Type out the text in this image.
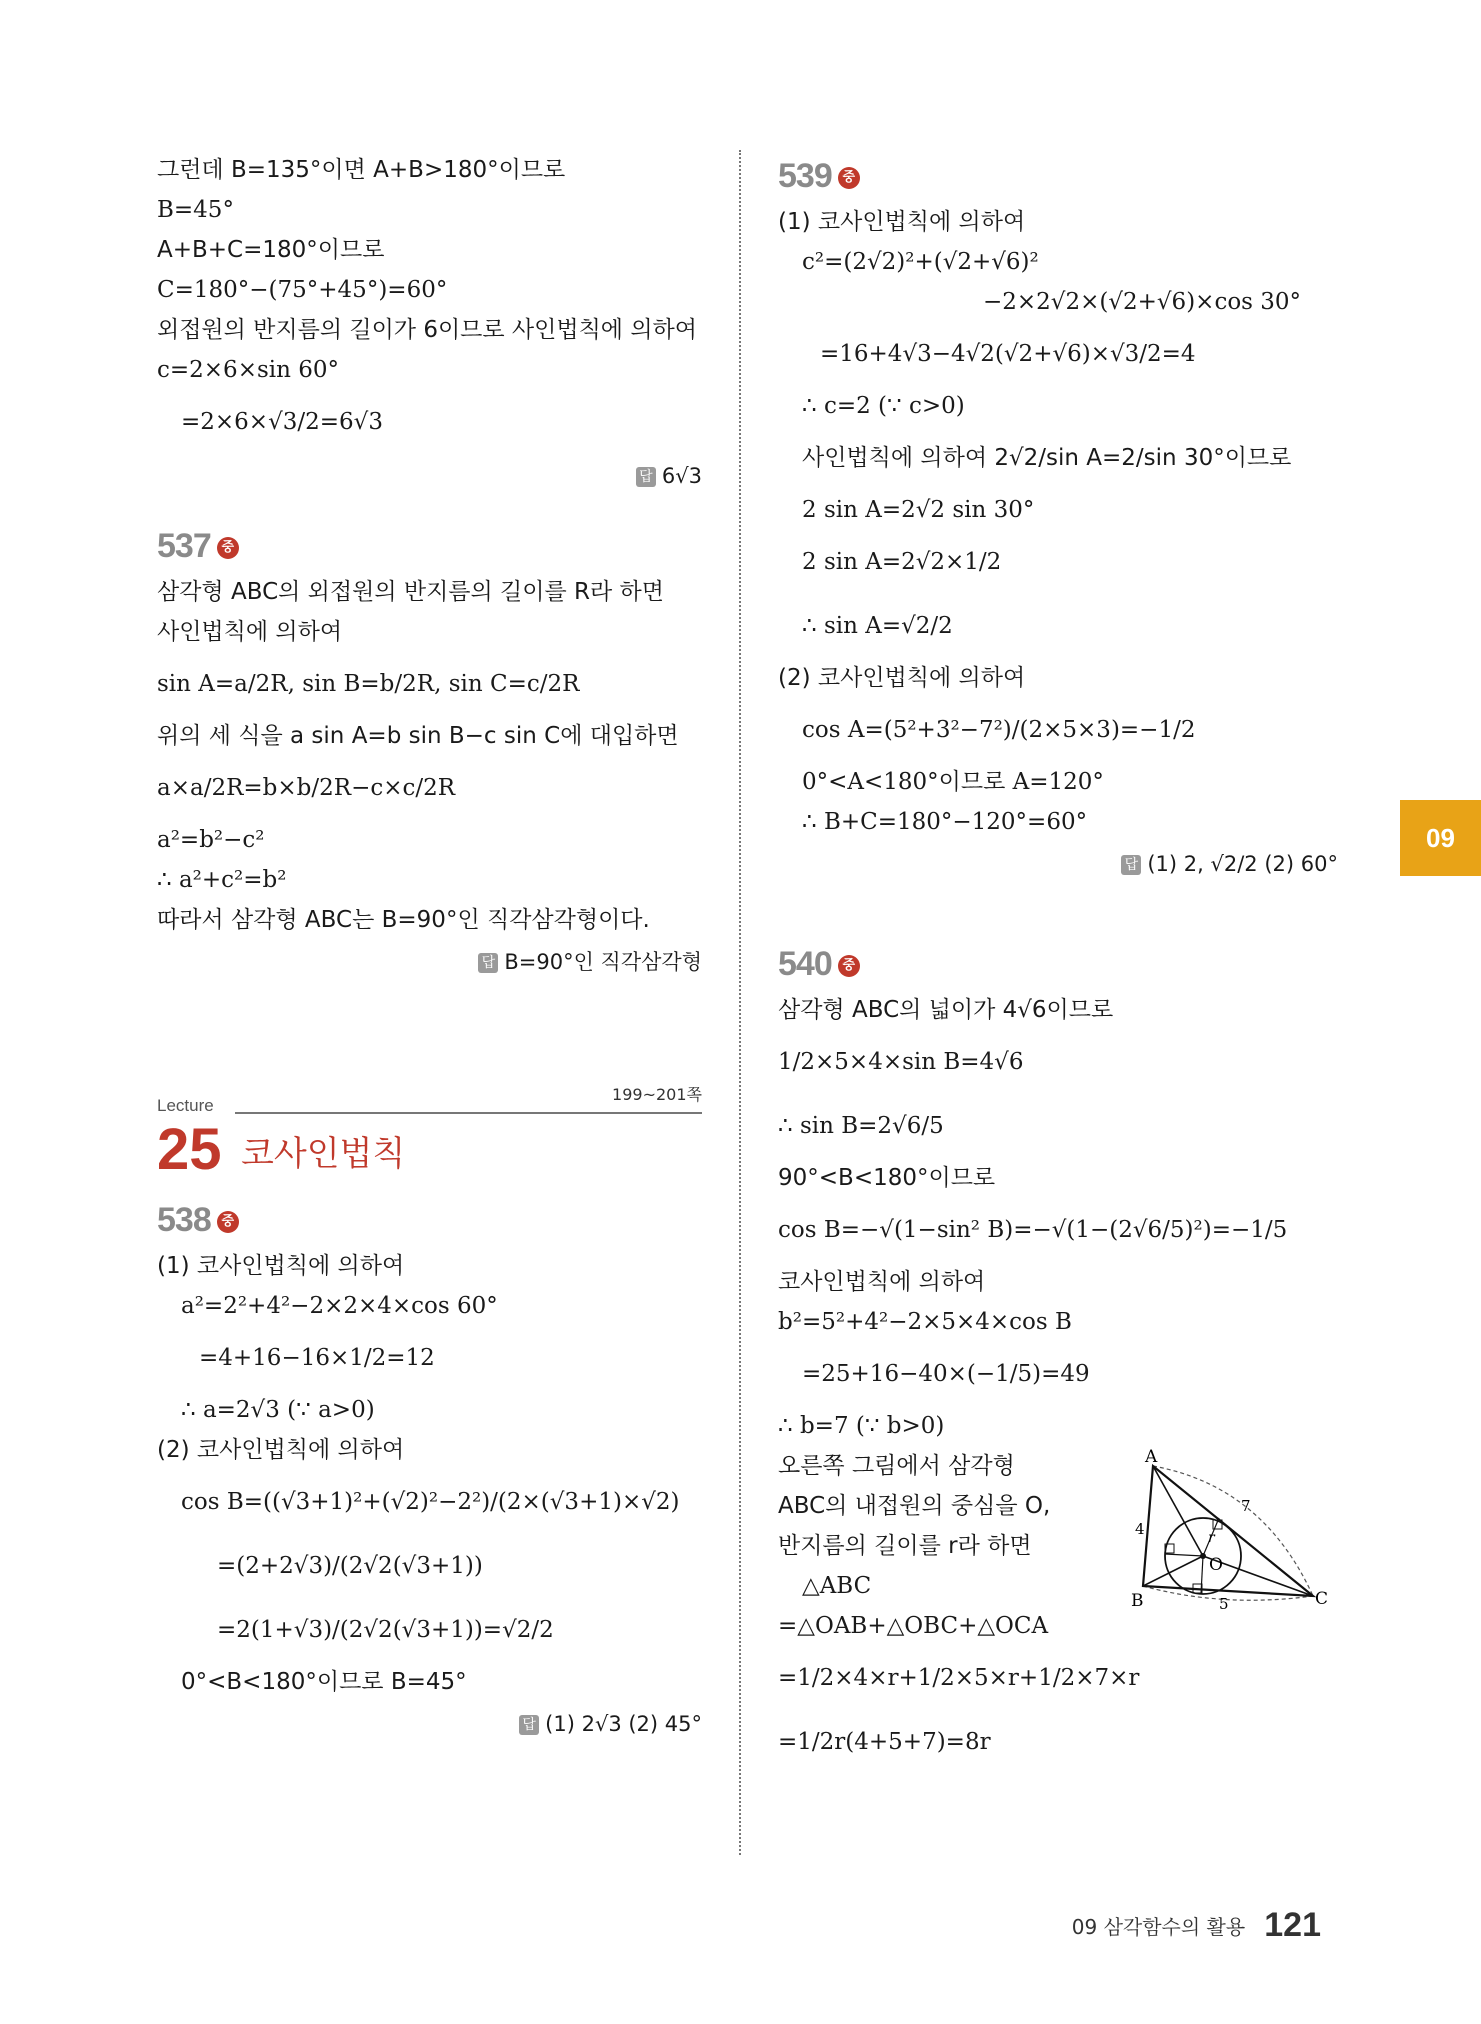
그런데 B=135°이면 A+B>180°이므로
B=45°
A+B+C=180°이므로
C=180°−(75°+45°)=60°
외접원의 반지름의 길이가 6이므로 사인법칙에 의하여
c=2×6×sin 60°
=2×6×√3/2=6√3
답 6√3
537 중
삼각형 ABC의 외접원의 반지름의 길이를 R라 하면
사인법칙에 의하여
sin A=a/2R, sin B=b/2R, sin C=c/2R
위의 세 식을 a sin A=b sin B−c sin C에 대입하면
a×a/2R=b×b/2R−c×c/2R
a²=b²−c²
∴ a²+c²=b²
따라서 삼각형 ABC는 B=90°인 직각삼각형이다.
답 B=90°인 직각삼각형
Lecture
199~201쪽
25 코사인법칙
538 중
(1) 코사인법칙에 의하여
a²=2²+4²−2×2×4×cos 60°
=4+16−16×1/2=12
∴ a=2√3 (∵ a>0)
(2) 코사인법칙에 의하여
cos B=((√3+1)²+(√2)²−2²)/(2×(√3+1)×√2)
=(2+2√3)/(2√2(√3+1))
=2(1+√3)/(2√2(√3+1))=√2/2
0°<B<180°이므로 B=45°
답 (1) 2√3 (2) 45°
539 중
(1) 코사인법칙에 의하여
c²=(2√2)²+(√2+√6)²
−2×2√2×(√2+√6)×cos 30°
=16+4√3−4√2(√2+√6)×√3/2=4
∴ c=2 (∵ c>0)
사인법칙에 의하여 2√2/sin A=2/sin 30°이므로
2 sin A=2√2 sin 30°
2 sin A=2√2×1/2
∴ sin A=√2/2
(2) 코사인법칙에 의하여
cos A=(5²+3²−7²)/(2×5×3)=−1/2
0°<A<180°이므로 A=120°
∴ B+C=180°−120°=60°
답 (1) 2, √2/2 (2) 60°
540 중
삼각형 ABC의 넓이가 4√6이므로
1/2×5×4×sin B=4√6
∴ sin B=2√6/5
90°<B<180°이므로
cos B=−√(1−sin² B)=−√(1−(2√6/5)²)=−1/5
코사인법칙에 의하여
b²=5²+4²−2×5×4×cos B
=25+16−40×(−1/5)=49
∴ b=7 (∵ b>0)
A
B	C
O
4
5
7
r
오른쪽 그림에서 삼각형
ABC의 내접원의 중심을 O,
반지름의 길이를 r라 하면
△ABC
=△OAB+△OBC+△OCA
=1/2×4×r+1/2×5×r+1/2×7×r
=1/2r(4+5+7)=8r
09
09 삼각함수의 활용 121
